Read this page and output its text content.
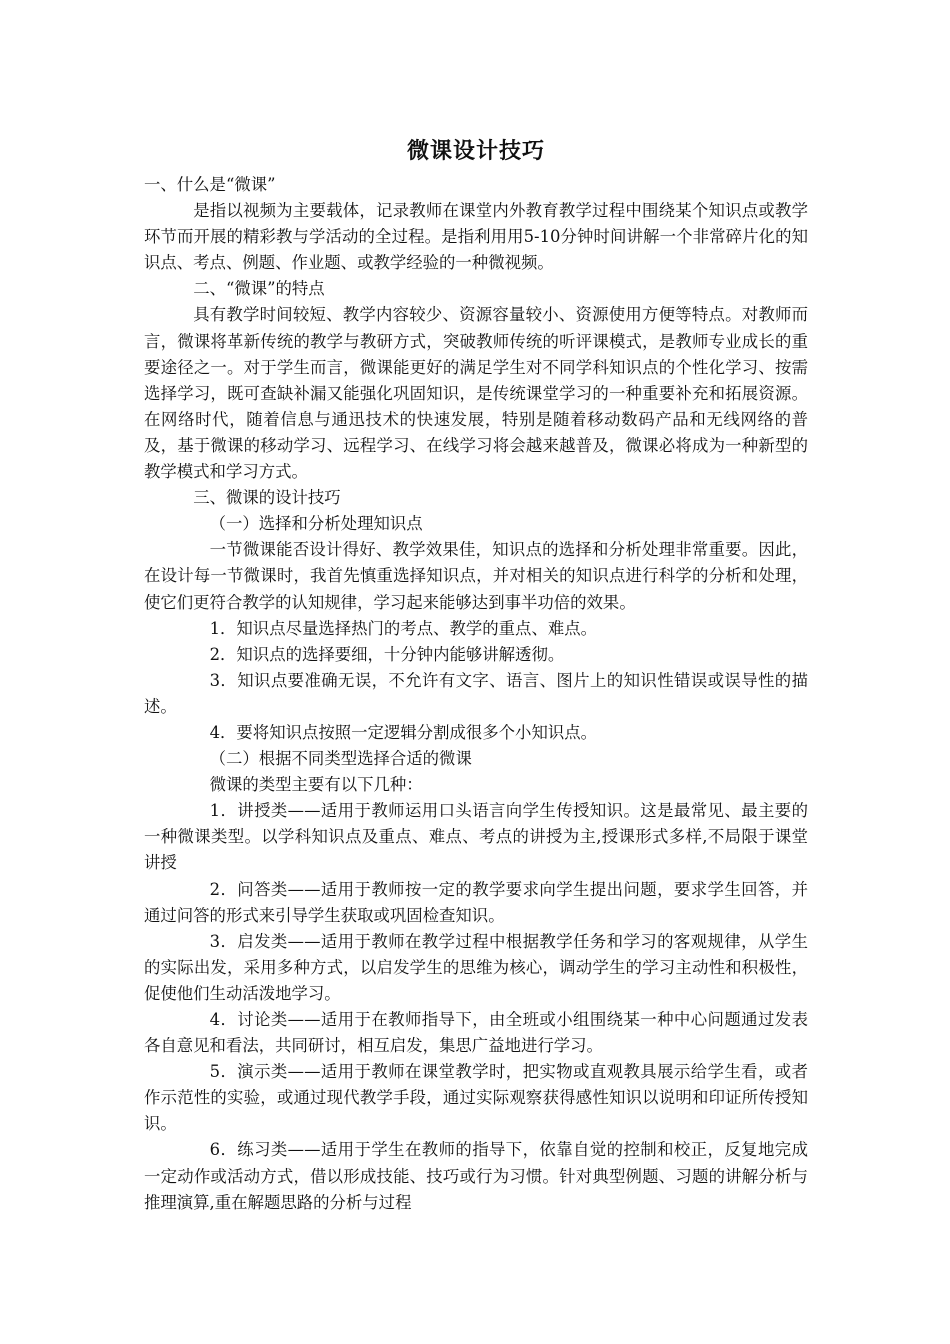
微课设计技巧

一、什么是“微课”

是指以视频为主要载体，记录教师在课堂内外教育教学过程中围绕某个知识点或教学环节而开展的精彩教与学活动的全过程。是指利用用5-10分钟时间讲解一个非常碎片化的知识点、考点、例题、作业题、或教学经验的一种微视频。

二、“微课”的特点

具有教学时间较短、教学内容较少、资源容量较小、资源使用方便等特点。对教师而言，微课将革新传统的教学与教研方式，突破教师传统的听评课模式，是教师专业成长的重要途径之一。对于学生而言，微课能更好的满足学生对不同学科知识点的个性化学习、按需选择学习，既可查缺补漏又能强化巩固知识，是传统课堂学习的一种重要补充和拓展资源。在网络时代，随着信息与通迅技术的快速发展，特别是随着移动数码产品和无线网络的普及，基于微课的移动学习、远程学习、在线学习将会越来越普及，微课必将成为一种新型的教学模式和学习方式。

三、微课的设计技巧

（一）选择和分析处理知识点

一节微课能否设计得好、教学效果佳，知识点的选择和分析处理非常重要。因此，在设计每一节微课时，我首先慎重选择知识点，并对相关的知识点进行科学的分析和处理，使它们更符合教学的认知规律，学习起来能够达到事半功倍的效果。

1．知识点尽量选择热门的考点、教学的重点、难点。

2．知识点的选择要细，十分钟内能够讲解透彻。

3．知识点要准确无误，不允许有文字、语言、图片上的知识性错误或误导性的描述。

4．要将知识点按照一定逻辑分割成很多个小知识点。

（二）根据不同类型选择合适的微课

微课的类型主要有以下几种：

1．讲授类——适用于教师运用口头语言向学生传授知识。这是最常见、最主要的一种微课类型。以学科知识点及重点、难点、考点的讲授为主,授课形式多样,不局限于课堂讲授

2．问答类——适用于教师按一定的教学要求向学生提出问题，要求学生回答，并通过问答的形式来引导学生获取或巩固检查知识。

3．启发类——适用于教师在教学过程中根据教学任务和学习的客观规律，从学生的实际出发，采用多种方式，以启发学生的思维为核心，调动学生的学习主动性和积极性，促使他们生动活泼地学习。

4．讨论类——适用于在教师指导下，由全班或小组围绕某一种中心问题通过发表各自意见和看法，共同研讨，相互启发，集思广益地进行学习。

5．演示类——适用于教师在课堂教学时，把实物或直观教具展示给学生看，或者作示范性的实验，或通过现代教学手段，通过实际观察获得感性知识以说明和印证所传授知识。

6．练习类——适用于学生在教师的指导下，依靠自觉的控制和校正，反复地完成一定动作或活动方式，借以形成技能、技巧或行为习惯。针对典型例题、习题的讲解分析与推理演算,重在解题思路的分析与过程
